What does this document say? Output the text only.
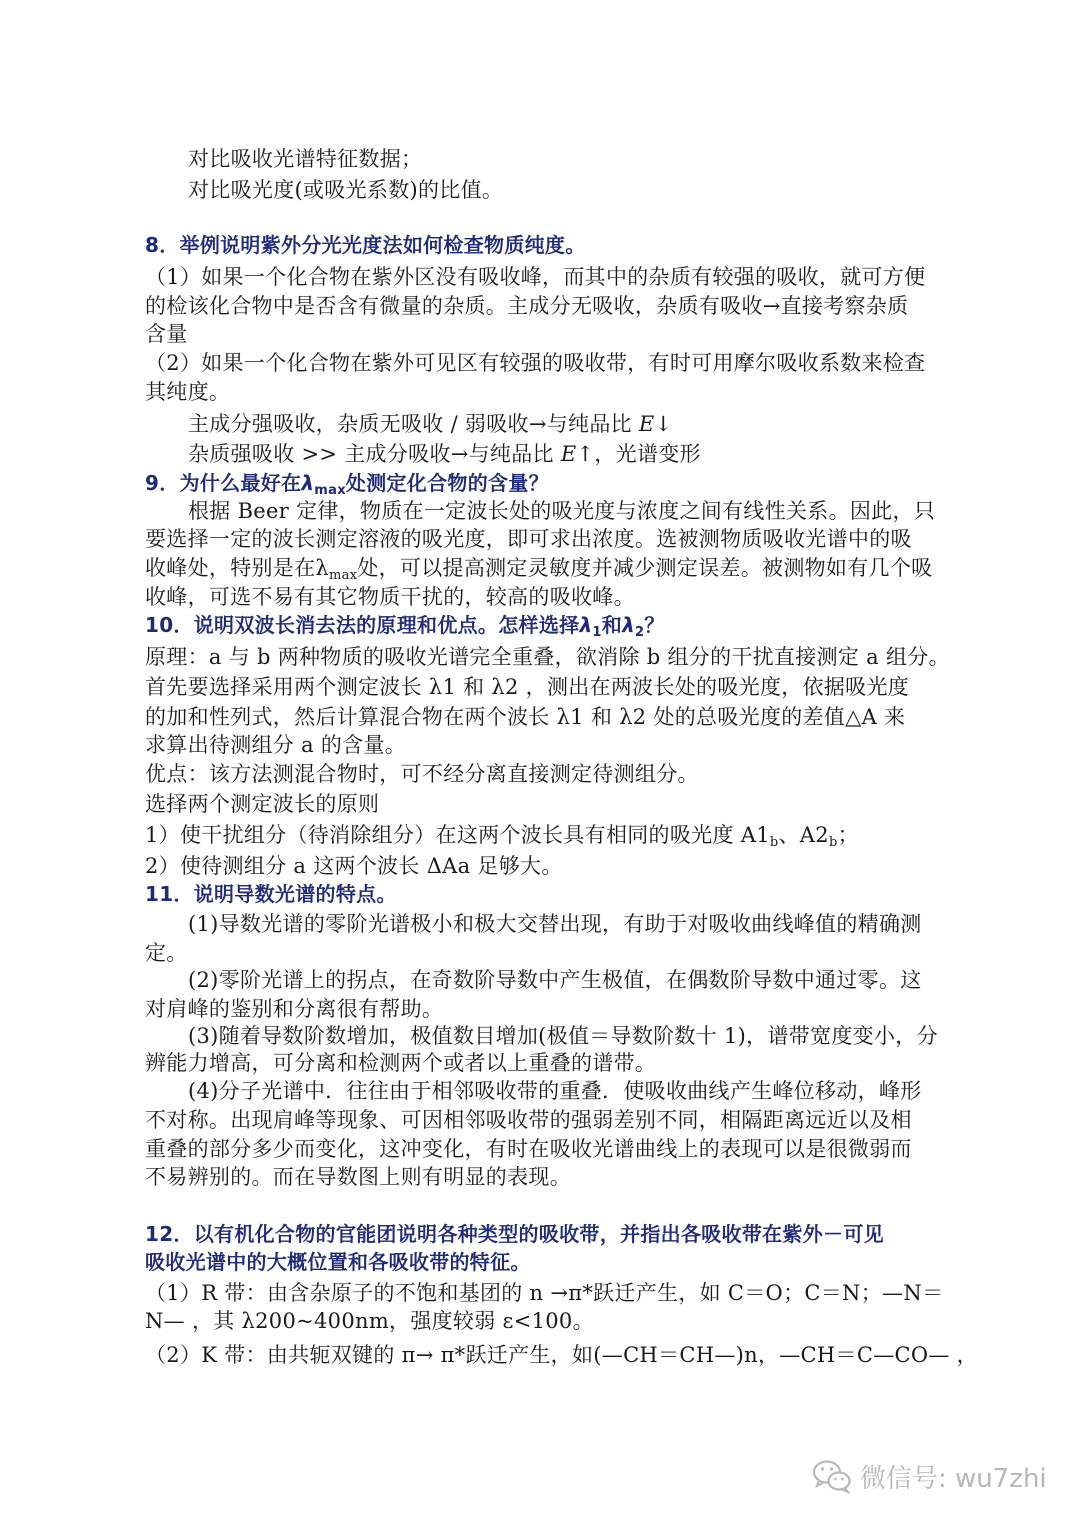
对比吸收光谱特征数据；
对比吸光度(或吸光系数)的比值。
8．举例说明紫外分光光度法如何检查物质纯度。
（1）如果一个化合物在紫外区没有吸收峰，而其中的杂质有较强的吸收，就可方便
的检该化合物中是否含有微量的杂质。主成分无吸收，杂质有吸收→直接考察杂质
含量
（2）如果一个化合物在紫外可见区有较强的吸收带，有时可用摩尔吸收系数来检查
其纯度。
主成分强吸收，杂质无吸收 / 弱吸收→与纯品比 E↓
杂质强吸收 >> 主成分吸收→与纯品比 E↑，光谱变形
9．为什么最好在$\lambda_{max}$处测定化合物的含量？
根据 Beer 定律，物质在一定波长处的吸光度与浓度之间有线性关系。因此，只
要选择一定的波长测定溶液的吸光度，即可求出浓度。选被测物质吸收光谱中的吸
收峰处，特别是在$\lambda_{max}$处，可以提高测定灵敏度并减少测定误差。被测物如有几个吸
收峰，可选不易有其它物质干扰的，较高的吸收峰。
10．说明双波长消去法的原理和优点。怎样选择$\lambda_1$和$\lambda_2$？
原理：a 与 b 两种物质的吸收光谱完全重叠，欲消除 b 组分的干扰直接测定 a 组分。
首先要选择采用两个测定波长 λ1 和 λ2 ，测出在两波长处的吸光度，依据吸光度
的加和性列式，然后计算混合物在两个波长 λ1 和 λ2 处的总吸光度的差值△A 来
求算出待测组分 a 的含量。
优点：该方法测混合物时，可不经分离直接测定待测组分。
选择两个测定波长的原则
1）使干扰组分（待消除组分）在这两个波长具有相同的吸光度 $A1_b$、$A2_b$；
2）使待测组分 a 这两个波长 ΔAa 足够大。
11．说明导数光谱的特点。
(1)导数光谱的零阶光谱极小和极大交替出现，有助于对吸收曲线峰值的精确测
定。
(2)零阶光谱上的拐点，在奇数阶导数中产生极值，在偶数阶导数中通过零。这
对肩峰的鉴别和分离很有帮助。
(3)随着导数阶数增加，极值数目增加(极值＝导数阶数十 1)，谱带宽度变小，分
辨能力增高，可分离和检测两个或者以上重叠的谱带。
(4)分子光谱中．往往由于相邻吸收带的重叠．使吸收曲线产生峰位移动，峰形
不对称。出现肩峰等现象、可因相邻吸收带的强弱差别不同，相隔距离远近以及相
重叠的部分多少而变化，这冲变化，有时在吸收光谱曲线上的表现可以是很微弱而
不易辨别的。而在导数图上则有明显的表现。
12．以有机化合物的官能团说明各种类型的吸收带，并指出各吸收带在紫外－可见
吸收光谱中的大概位置和各吸收带的特征。
（1）R 带：由含杂原子的不饱和基团的 n →π*跃迁产生，如 C＝O；C＝N；—N＝
N— ，其 λ200~400nm，强度较弱 ε<100。
（2）K 带：由共轭双键的 π→ π*跃迁产生，如(—CH＝CH—)n，—CH＝C—CO— ，
微信号: wu7zhi
